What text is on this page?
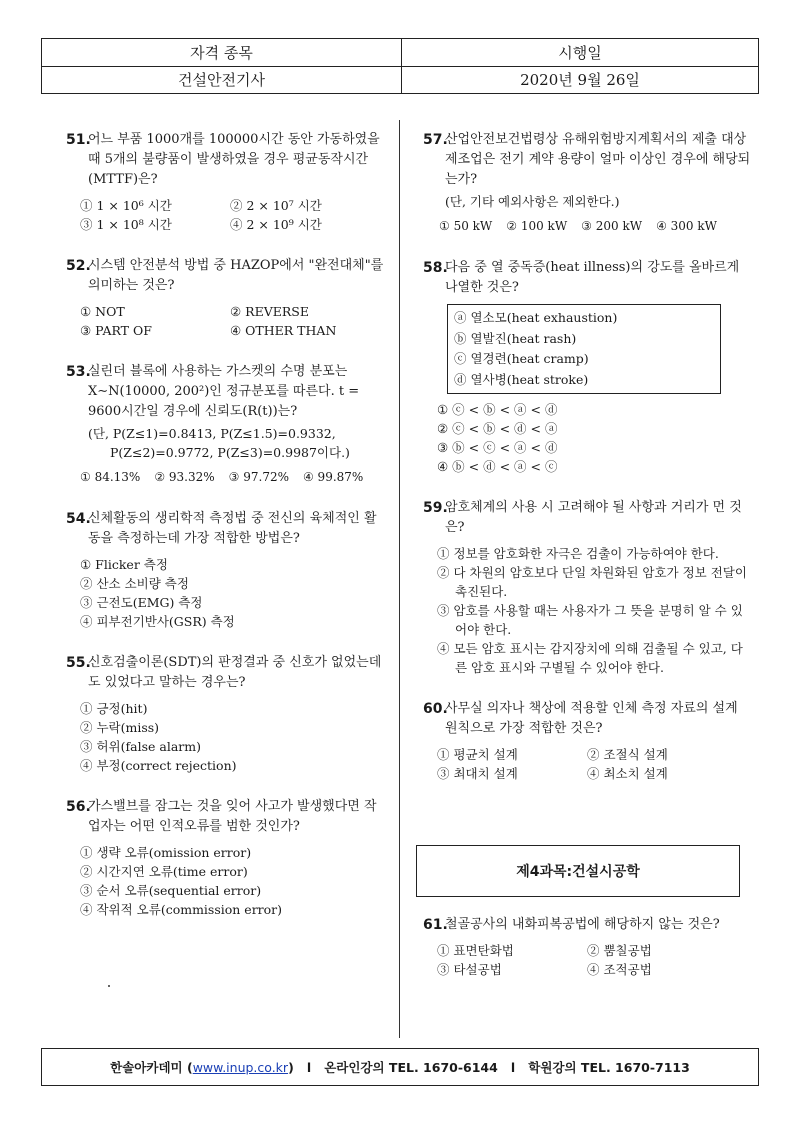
자격 종목	시행일
건설안전기사	2020년 9월 26일
51.
어느 부품 1000개를 100000시간 동안 가동하였을 때 5개의 불량품이 발생하였을 경우 평균동작시간(MTTF)은?
① 1 × 10⁶ 시간	② 2 × 10⁷ 시간
③ 1 × 10⁸ 시간	④ 2 × 10⁹ 시간
52.
시스템 안전분석 방법 중 HAZOP에서 "완전대체"를 의미하는 것은?
① NOT	② REVERSE
③ PART OF	④ OTHER THAN
53.
실린더 블록에 사용하는 가스켓의 수명 분포는 X∼N(10000, 200²)인 정규분포를 따른다. t = 9600시간일 경우에 신뢰도(R(t))는?
(단, P(Z≤1)=0.8413, P(Z≤1.5)=0.9332,
P(Z≤2)=0.9772, P(Z≤3)=0.9987이다.)
① 84.13% ② 93.32% ③ 97.72% ④ 99.87%
54.
신체활동의 생리학적 측정법 중 전신의 육체적인 활동을 측정하는데 가장 적합한 방법은?
① Flicker 측정
② 산소 소비량 측정
③ 근전도(EMG) 측정
④ 피부전기반사(GSR) 측정
55.
신호검출이론(SDT)의 판정결과 중 신호가 없었는데도 있었다고 말하는 경우는?
① 긍정(hit)
② 누락(miss)
③ 허위(false alarm)
④ 부정(correct rejection)
56.
가스밸브를 잠그는 것을 잊어 사고가 발생했다면 작업자는 어떤 인적오류를 범한 것인가?
① 생략 오류(omission error)
② 시간지연 오류(time error)
③ 순서 오류(sequential error)
④ 작위적 오류(commission error)
57.
산업안전보건법령상 유해위험방지계획서의 제출 대상 제조업은 전기 계약 용량이 얼마 이상인 경우에 해당되는가?
(단, 기타 예외사항은 제외한다.)
① 50 kW ② 100 kW ③ 200 kW ④ 300 kW
58.
다음 중 열 중독증(heat illness)의 강도를 올바르게 나열한 것은?
ⓐ 열소모(heat exhaustion)
ⓑ 열발진(heat rash)
ⓒ 열경련(heat cramp)
ⓓ 열사병(heat stroke)
① ⓒ < ⓑ < ⓐ < ⓓ
② ⓒ < ⓑ < ⓓ < ⓐ
③ ⓑ < ⓒ < ⓐ < ⓓ
④ ⓑ < ⓓ < ⓐ < ⓒ
59.
암호체계의 사용 시 고려해야 될 사항과 거리가 먼 것은?
① 정보를 암호화한 자극은 검출이 가능하여야 한다.
② 다 차원의 암호보다 단일 차원화된 암호가 정보 전달이 촉진된다.
③ 암호를 사용할 때는 사용자가 그 뜻을 분명히 알 수 있어야 한다.
④ 모든 암호 표시는 감지장치에 의해 검출될 수 있고, 다른 암호 표시와 구별될 수 있어야 한다.
60.
사무실 의자나 책상에 적용할 인체 측정 자료의 설계 원칙으로 가장 적합한 것은?
① 평균치 설계	② 조절식 설계
③ 최대치 설계	④ 최소치 설계
제4과목:건설시공학
61.
철골공사의 내화피복공법에 해당하지 않는 것은?
① 표면탄화법	② 뿜칠공법
③ 타설공법	④ 조적공법
한솔아카데미
( www.inup.co.kr )
l
온라인강의 TEL. 1670-6144
l
학원강의 TEL. 1670-7113
